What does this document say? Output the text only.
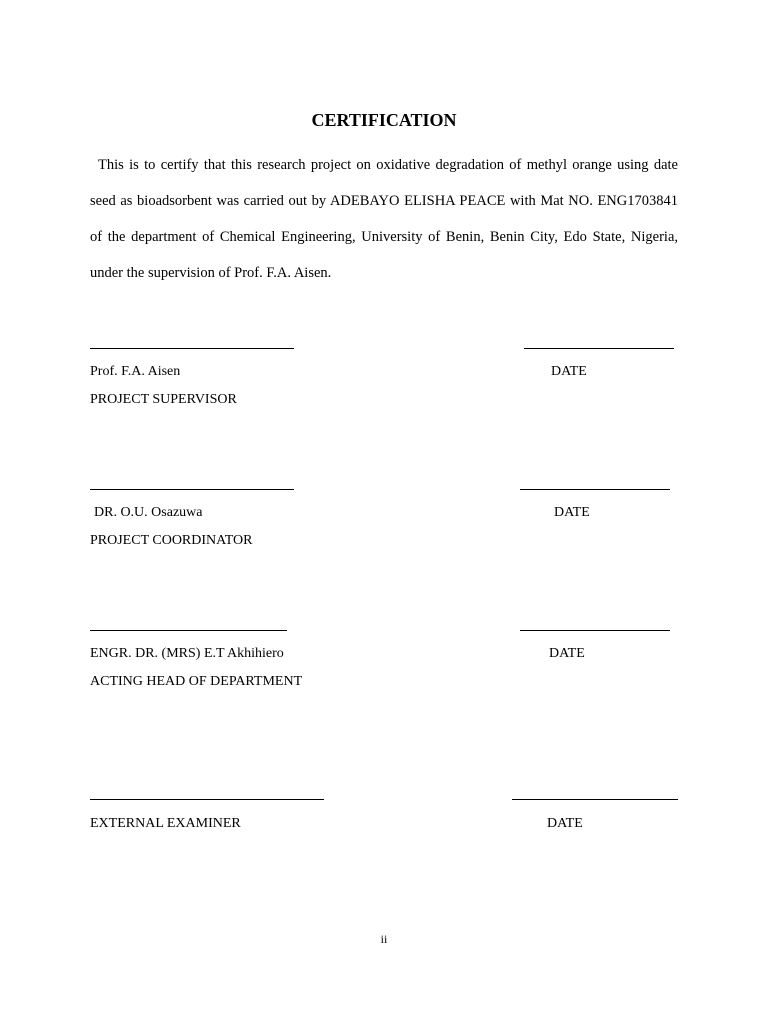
CERTIFICATION
This is to certify that this research project on oxidative degradation of methyl orange using date seed as bioadsorbent was carried out by ADEBAYO ELISHA PEACE with Mat NO. ENG1703841 of the department of Chemical Engineering, University of Benin, Benin City, Edo State, Nigeria, under the supervision of Prof. F.A. Aisen.
Prof. F.A. Aisen	DATE
PROJECT SUPERVISOR
DR. O.U. Osazuwa	DATE
PROJECT COORDINATOR
ENGR. DR. (MRS) E.T Akhihiero	DATE
ACTING HEAD OF DEPARTMENT
EXTERNAL EXAMINER	DATE
ii
